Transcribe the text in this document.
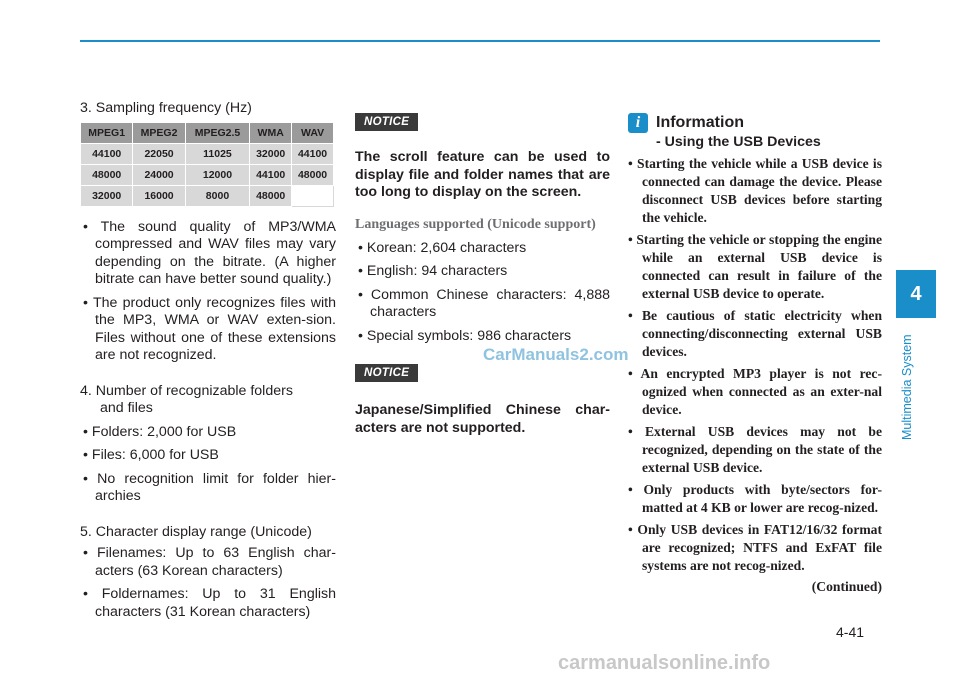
3. Sampling frequency (Hz)
MPEG1	MPEG2	MPEG2.5	WMA	WAV
44100	22050	11025	32000	44100
48000	24000	12000	44100	48000
32000	16000	8000	48000	
• The sound quality of MP3/WMA compressed and WAV files may vary depending on the bitrate. (A higher bitrate can have better sound quality.)
• The product only recognizes files with the MP3, WMA or WAV exten-sion. Files without one of these extensions are not recognized.
4. Number of recognizable folders
and files
• Folders: 2,000 for USB
• Files: 6,000 for USB
• No recognition limit for folder hier-archies
5. Character display range (Unicode)
• Filenames: Up to 63 English char-acters (63 Korean characters)
• Foldernames: Up to 31 English characters (31 Korean characters)
NOTICE
The scroll feature can be used to display file and folder names that are too long to display on the screen.
Languages supported (Unicode support)
• Korean: 2,604 characters
• English: 94 characters
• Common Chinese characters: 4,888 characters
• Special symbols: 986 characters
NOTICE
Japanese/Simplified Chinese char-acters are not supported.
i Information
- Using the USB Devices
• Starting the vehicle while a USB device is connected can damage the device. Please disconnect USB devices before starting the vehicle.
• Starting the vehicle or stopping the engine while an external USB device is connected can result in failure of the external USB device to operate.
• Be cautious of static electricity when connecting/disconnecting external USB devices.
• An encrypted MP3 player is not rec-ognized when connected as an exter-nal device.
• External USB devices may not be recognized, depending on the state of the external USB device.
• Only products with byte/sectors for-matted at 4 KB or lower are recog-nized.
• Only USB devices in FAT12/16/32 format are recognized; NTFS and ExFAT file systems are not recog-nized.
(Continued)
CarManuals2.com
4
Multimedia System
4-41
carmanualsonline.info
